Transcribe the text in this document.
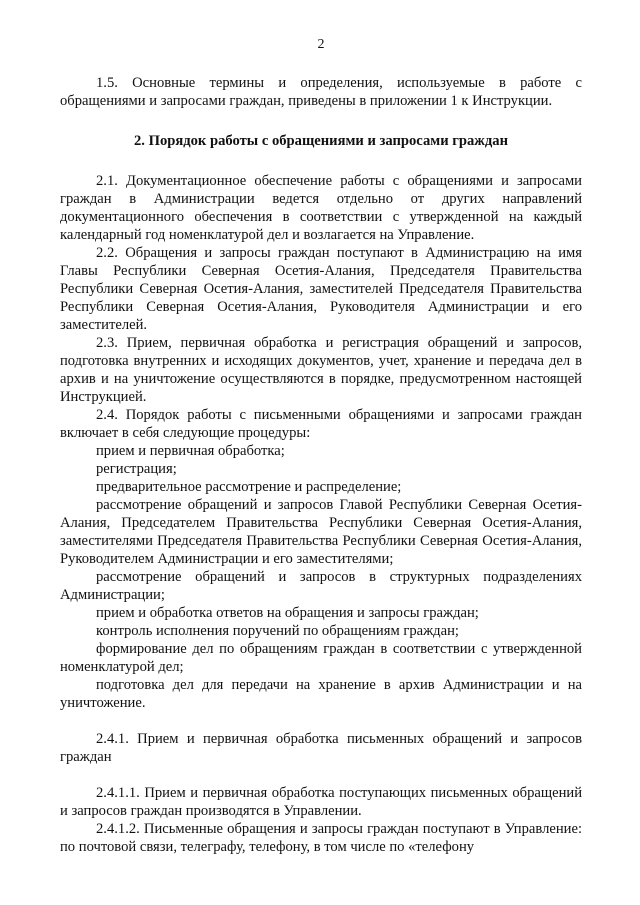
2

1.5. Основные термины и определения, используемые в работе с обращениями и запросами граждан, приведены в приложении 1 к Инструкции.

2. Порядок работы с обращениями и запросами граждан

2.1. Документационное обеспечение работы с обращениями и запросами граждан в Администрации ведется отдельно от других направлений документационного обеспечения в соответствии с утвержденной на каждый календарный год номенклатурой дел и возлагается на Управление.

2.2. Обращения и запросы граждан поступают в Администрацию на имя Главы Республики Северная Осетия-Алания, Председателя Правительства Республики Северная Осетия-Алания, заместителей Председателя Правительства Республики Северная Осетия-Алания, Руководителя Администрации и его заместителей.

2.3. Прием, первичная обработка и регистрация обращений и запросов, подготовка внутренних и исходящих документов, учет, хранение и передача дел в архив и на уничтожение осуществляются в порядке, предусмотренном настоящей Инструкцией.

2.4. Порядок работы с письменными обращениями и запросами граждан включает в себя следующие процедуры:

прием и первичная обработка;

регистрация;

предварительное рассмотрение и распределение;

рассмотрение обращений и запросов Главой Республики Северная Осетия-Алания, Председателем Правительства Республики Северная Осетия-Алания, заместителями Председателя Правительства Республики Северная Осетия-Алания, Руководителем Администрации и его заместителями;

рассмотрение обращений и запросов в структурных подразделениях Администрации;

прием и обработка ответов на обращения и запросы граждан;

контроль исполнения поручений по обращениям граждан;

формирование дел по обращениям граждан в соответствии с утвержденной номенклатурой дел;

подготовка дел для передачи на хранение в архив Администрации и на уничтожение.

2.4.1. Прием и первичная обработка письменных обращений и запросов граждан

2.4.1.1. Прием и первичная обработка поступающих письменных обращений и запросов граждан производятся в Управлении.

2.4.1.2. Письменные обращения и запросы граждан поступают в Управление: по почтовой связи, телеграфу, телефону, в том числе по «телефону
